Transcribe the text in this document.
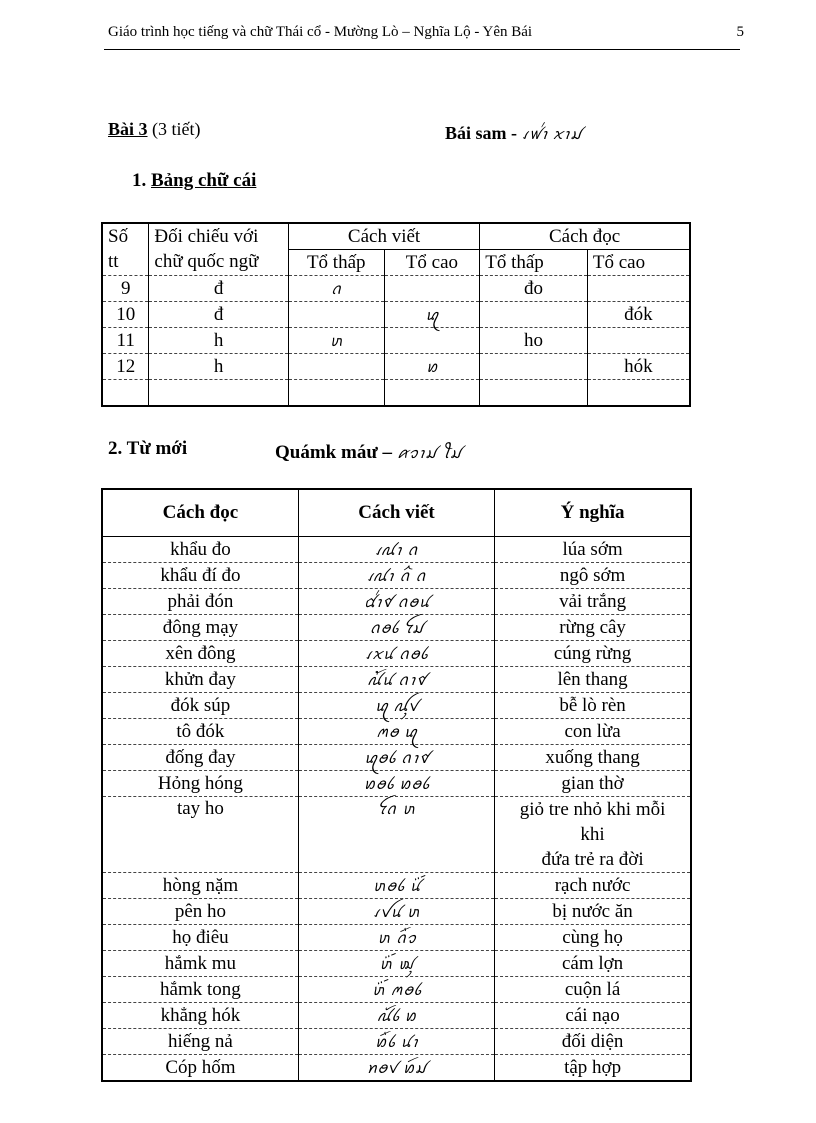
Giáo trình học tiếng và chữ Thái cổ - Mường Lò – Nghĩa Lộ - Yên Bái	5
Bài 3 (3 tiết)	Bái sam - ꪹꪝ꪿ꪱ ꪎꪱꪣ
1. Bảng chữ cái
Số	Đối chiếu với	Cách viết		Cách đọc	
tt	chữ quốc ngữ	Tổ thấp	Tổ cao	Tổ thấp	Tổ cao
9	đ	ꪒ		đo	
10	đ		ꪓ		đók
11	h	ꪬ		ho	
12	h		ꪭ		hók

2. Từ mới	Quámk máư – ꪁꪫꪱꪣ ꪻꪣ
Cách đọc	Cách viết	Ý nghĩa
khẩu đo	ꪹꪄꪱ ꪒ	lúa sớm
khẩu đí đo	ꪹꪄꪱ ꪒꪲ ꪒ	ngô sớm
phải đón	ꪠ꪿ꪱꪥ ꪒꪮꪙ	vải trắng
đông mạy	ꪒꪮꪉ ꪼꪣ	rừng cây
xên đông	ꪹꪎꪙ ꪒꪮꪉ	cúng rừng
khửn đay	ꪄꪳꪙ ꪒꪱꪥ	lên thang
đók súp	ꪓ ꪏꪴꪚ	bễ lò rèn
tô đók	ꪔꪮ ꪓ	con lừa
đống đay	ꪓꪮꪉ ꪒꪱꪥ	xuống thang
Hỏng hóng	ꪭꪮꪉ ꪭꪮꪉ	gian thờ
tay ho	ꪼꪒ ꪬ	giỏ tre nhỏ khi mỗi
khi
đứa trẻ ra đời

hòng nặm	ꪬꪮꪉ ꪙꪾ	rạch nước
pên ho	ꪹꪜꪙ ꪬ	bị nước ăn
họ điêu	ꪬ ꪒꪸꪫ	cùng họ
hắmk mu	ꪬꪾ ꪢꪴ	cám lợn
hắmk tong	ꪬꪾ ꪔꪮꪉ	cuộn lá
khẳng hók	ꪄꪰꪉ ꪭ	cái nạo
hiếng nả	ꪭꪸꪉ ꪙꪱ	đối diện
Cóp hốm	ꪀꪮꪚ ꪭꪷꪣ	tập hợp
